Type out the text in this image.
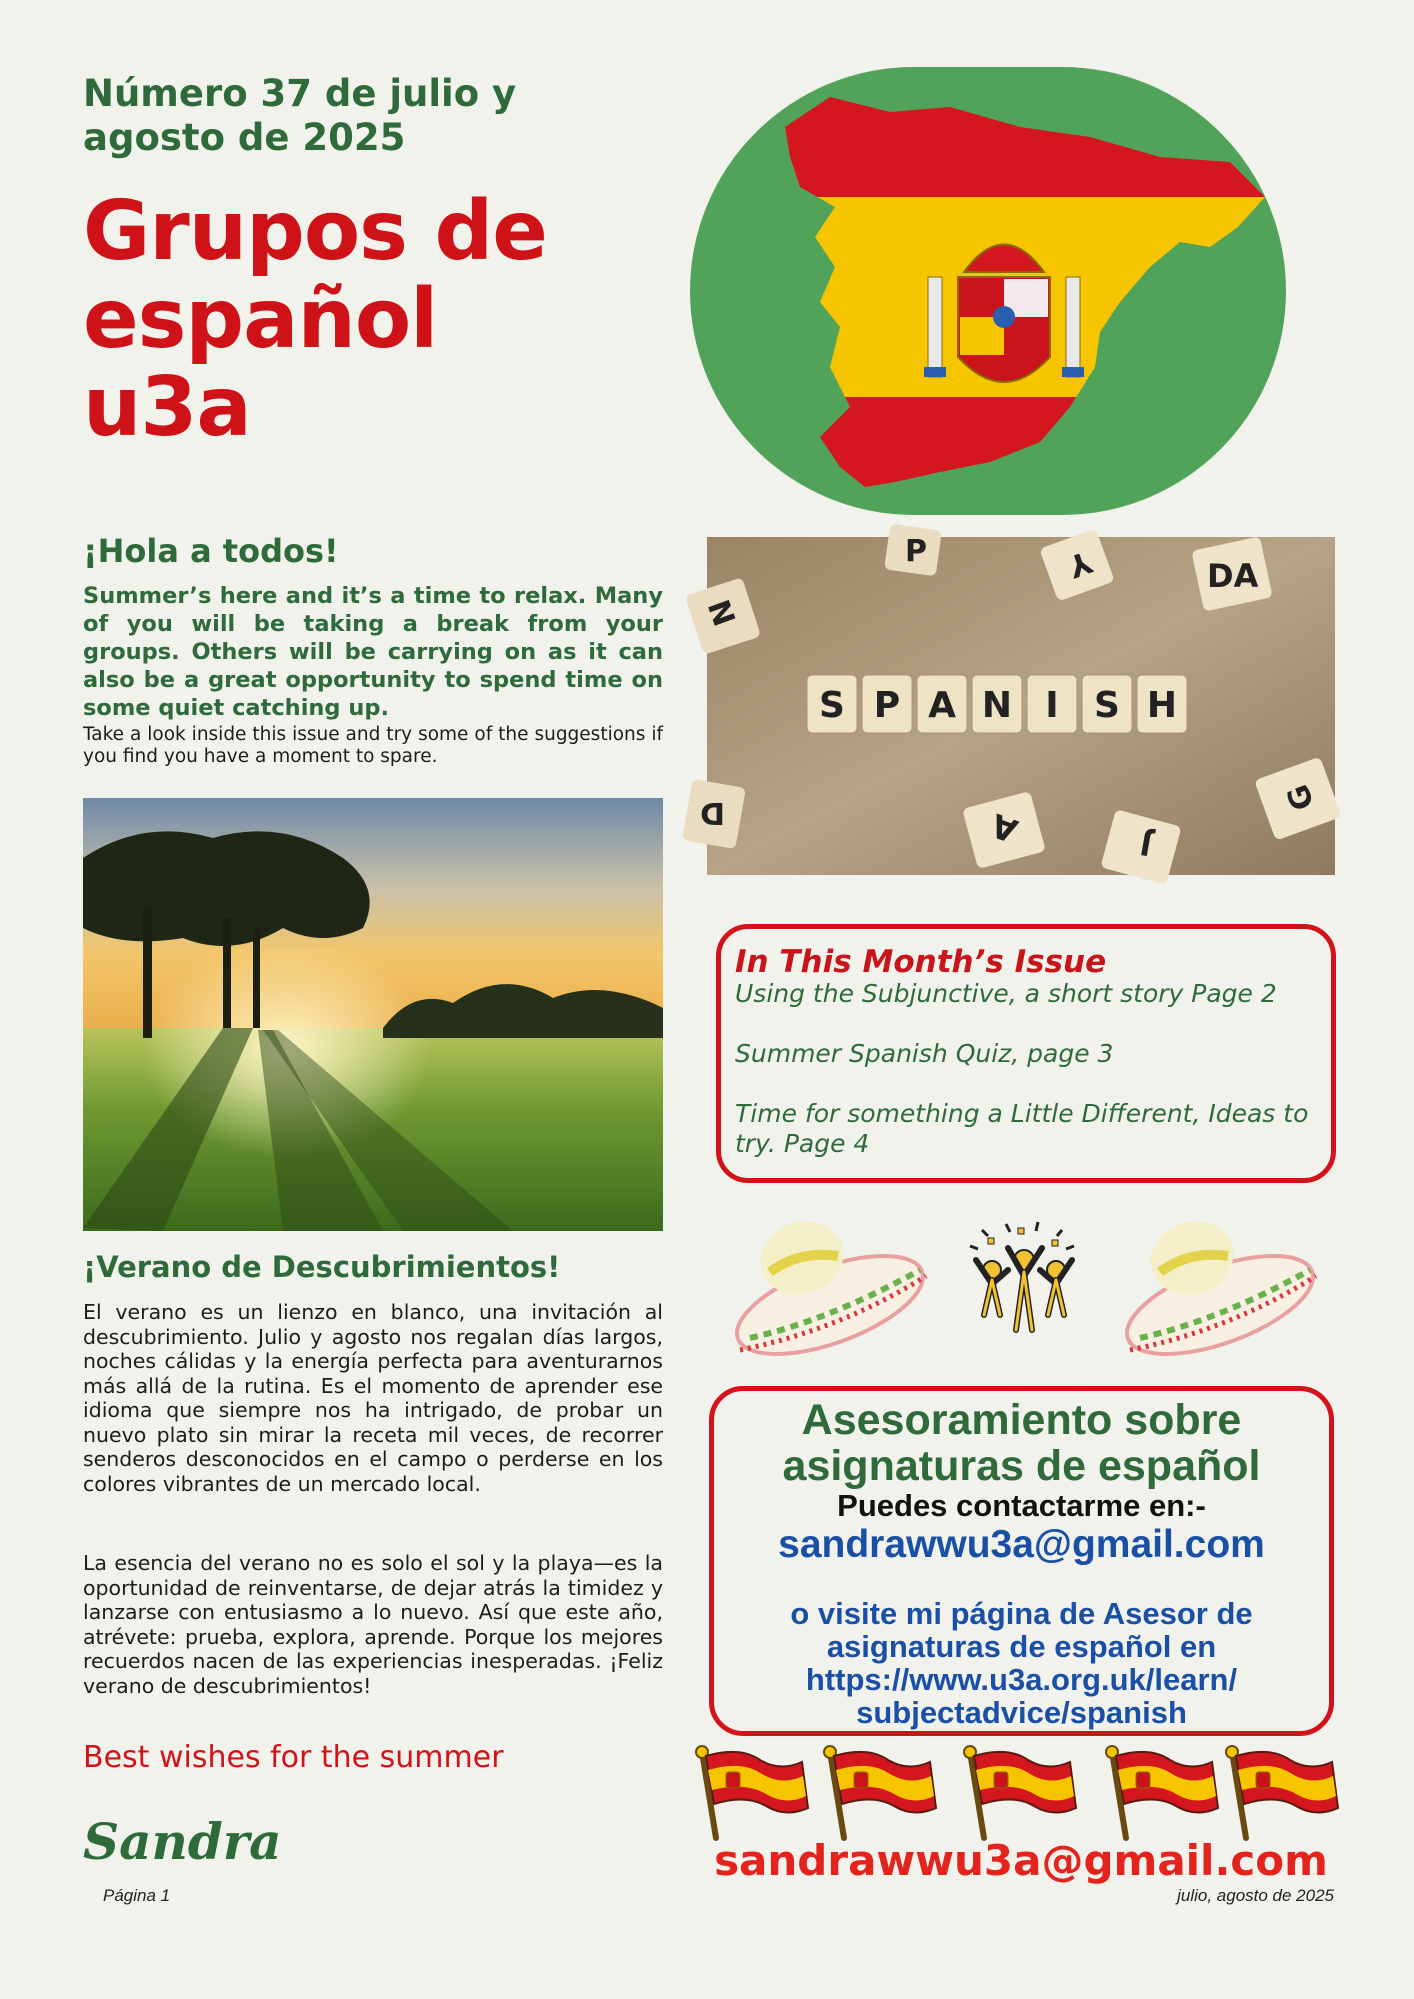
Número 37 de julio y agosto de 2025
Grupos de
español
u3a
¡Hola a todos!
Summer’s here and it’s a time to relax. Many of you will be taking a break from your groups. Others will be carrying on as it can also be a great opportunity to spend time on some quiet catching up.
Take a look inside this issue and try some of the suggestions if you find you have a moment to spare.
S P A N I S H
P	Y	DA
N
G
A	J
D
In This Month’s Issue
Using the Subjunctive, a short story Page 2
Summer Spanish Quiz, page 3
Time for something a Little Different, Ideas to try. Page 4
¡Verano de Descubrimientos!
El verano es un lienzo en blanco, una invitación al descubrimiento. Julio y agosto nos regalan días largos, noches cálidas y la energía perfecta para aventurarnos más allá de la rutina. Es el momento de aprender ese idioma que siempre nos ha intrigado, de probar un nuevo plato sin mirar la receta mil veces, de recorrer senderos desconocidos en el campo o perderse en los colores vibrantes de un mercado local.
La esencia del verano no es solo el sol y la playa—es la oportunidad de reinventarse, de dejar atrás la timidez y lanzarse con entusiasmo a lo nuevo. Así que este año, atrévete: prueba, explora, aprende. Porque los mejores recuerdos nacen de las experiencias inesperadas. ¡Feliz verano de descubrimientos!
Best wishes for the summer
Sandra
Asesoramiento sobre
asignaturas de español
Puedes contactarme en:-
sandrawwu3a@gmail.com
o visite mi página de Asesor de
asignaturas de español en
https://www.u3a.org.uk/learn/
subjectadvice/spanish
sandrawwu3a@gmail.com
Página 1	julio, agosto de 2025
